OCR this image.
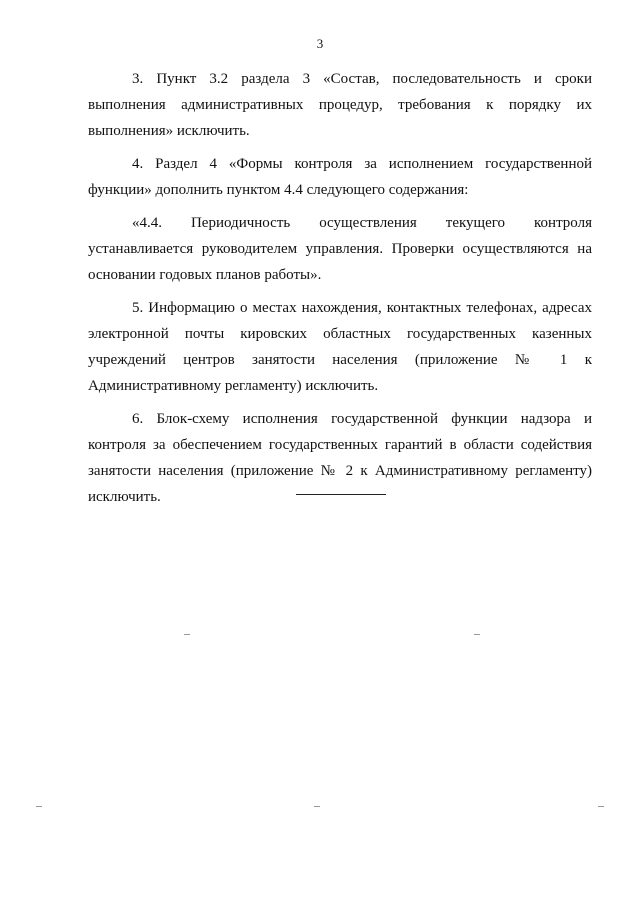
3

3. Пункт 3.2 раздела 3 «Состав, последовательность и сроки выполнения административных процедур, требования к порядку их выполнения» исключить.

4. Раздел 4 «Формы контроля за исполнением государственной функции» дополнить пунктом 4.4 следующего содержания:

«4.4. Периодичность осуществления текущего контроля устанавливается руководителем управления. Проверки осуществляются на основании годовых планов работы».

5. Информацию о местах нахождения, контактных телефонах, адресах электронной почты кировских областных государственных казенных учреждений центров занятости населения (приложение № 1 к Административному регламенту) исключить.

6. Блок-схему исполнения государственной функции надзора и контроля за обеспечением государственных гарантий в области содействия занятости населения (приложение № 2 к Административному регламенту) исключить.
